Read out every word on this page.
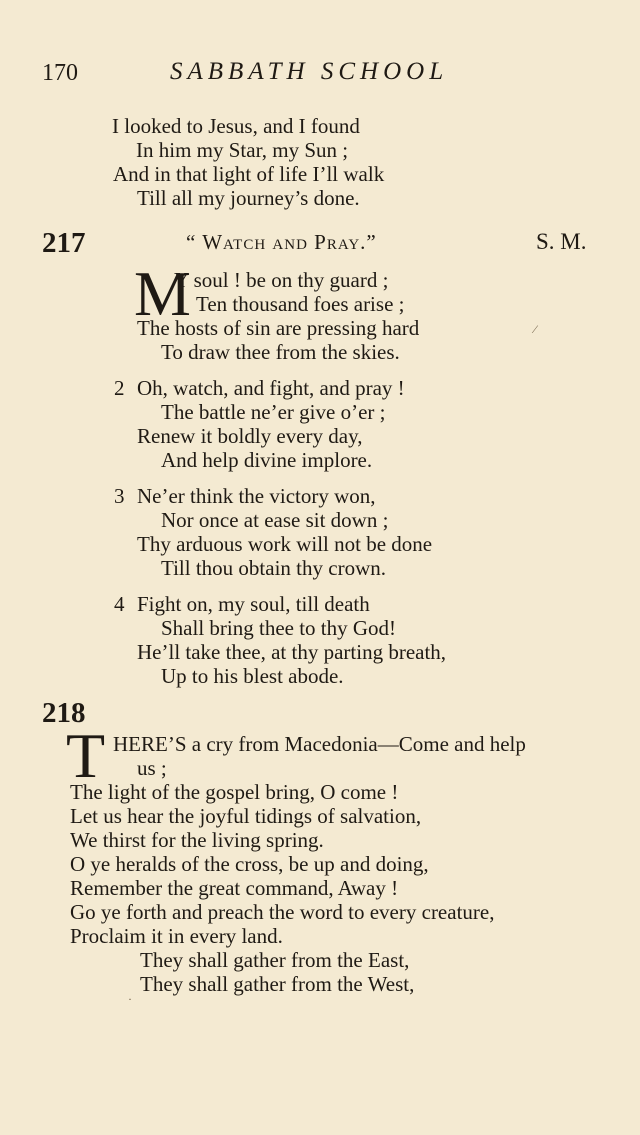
170	SABBATH SCHOOL
I looked to Jesus, and I found
In him my Star, my Sun ;
And in that light of life I’ll walk
Till all my journey’s done.
217	“ Watch and Pray.”	S. M.
M
Y soul ! be on thy guard ;
Ten thousand foes arise ;
The hosts of sin are pressing hard
To draw thee from the skies.
⁄
2 Oh, watch, and fight, and pray !
The battle ne’er give o’er ;
Renew it boldly every day,
And help divine implore.
3 Ne’er think the victory won,
Nor once at ease sit down ;
Thy arduous work will not be done
Till thou obtain thy crown.
4 Fight on, my soul, till death
Shall bring thee to thy God!
He’ll take thee, at thy parting breath,
Up to his blest abode.
218
T HERE’S a cry from Macedonia—Come and help
us ;
The light of the gospel bring, O come !
Let us hear the joyful tidings of salvation,
We thirst for the living spring.
O ye heralds of the cross, be up and doing,
Remember the great command, Away !
Go ye forth and preach the word to every creature,
Proclaim it in every land.
They shall gather from the East,
They shall gather from the West,
·
